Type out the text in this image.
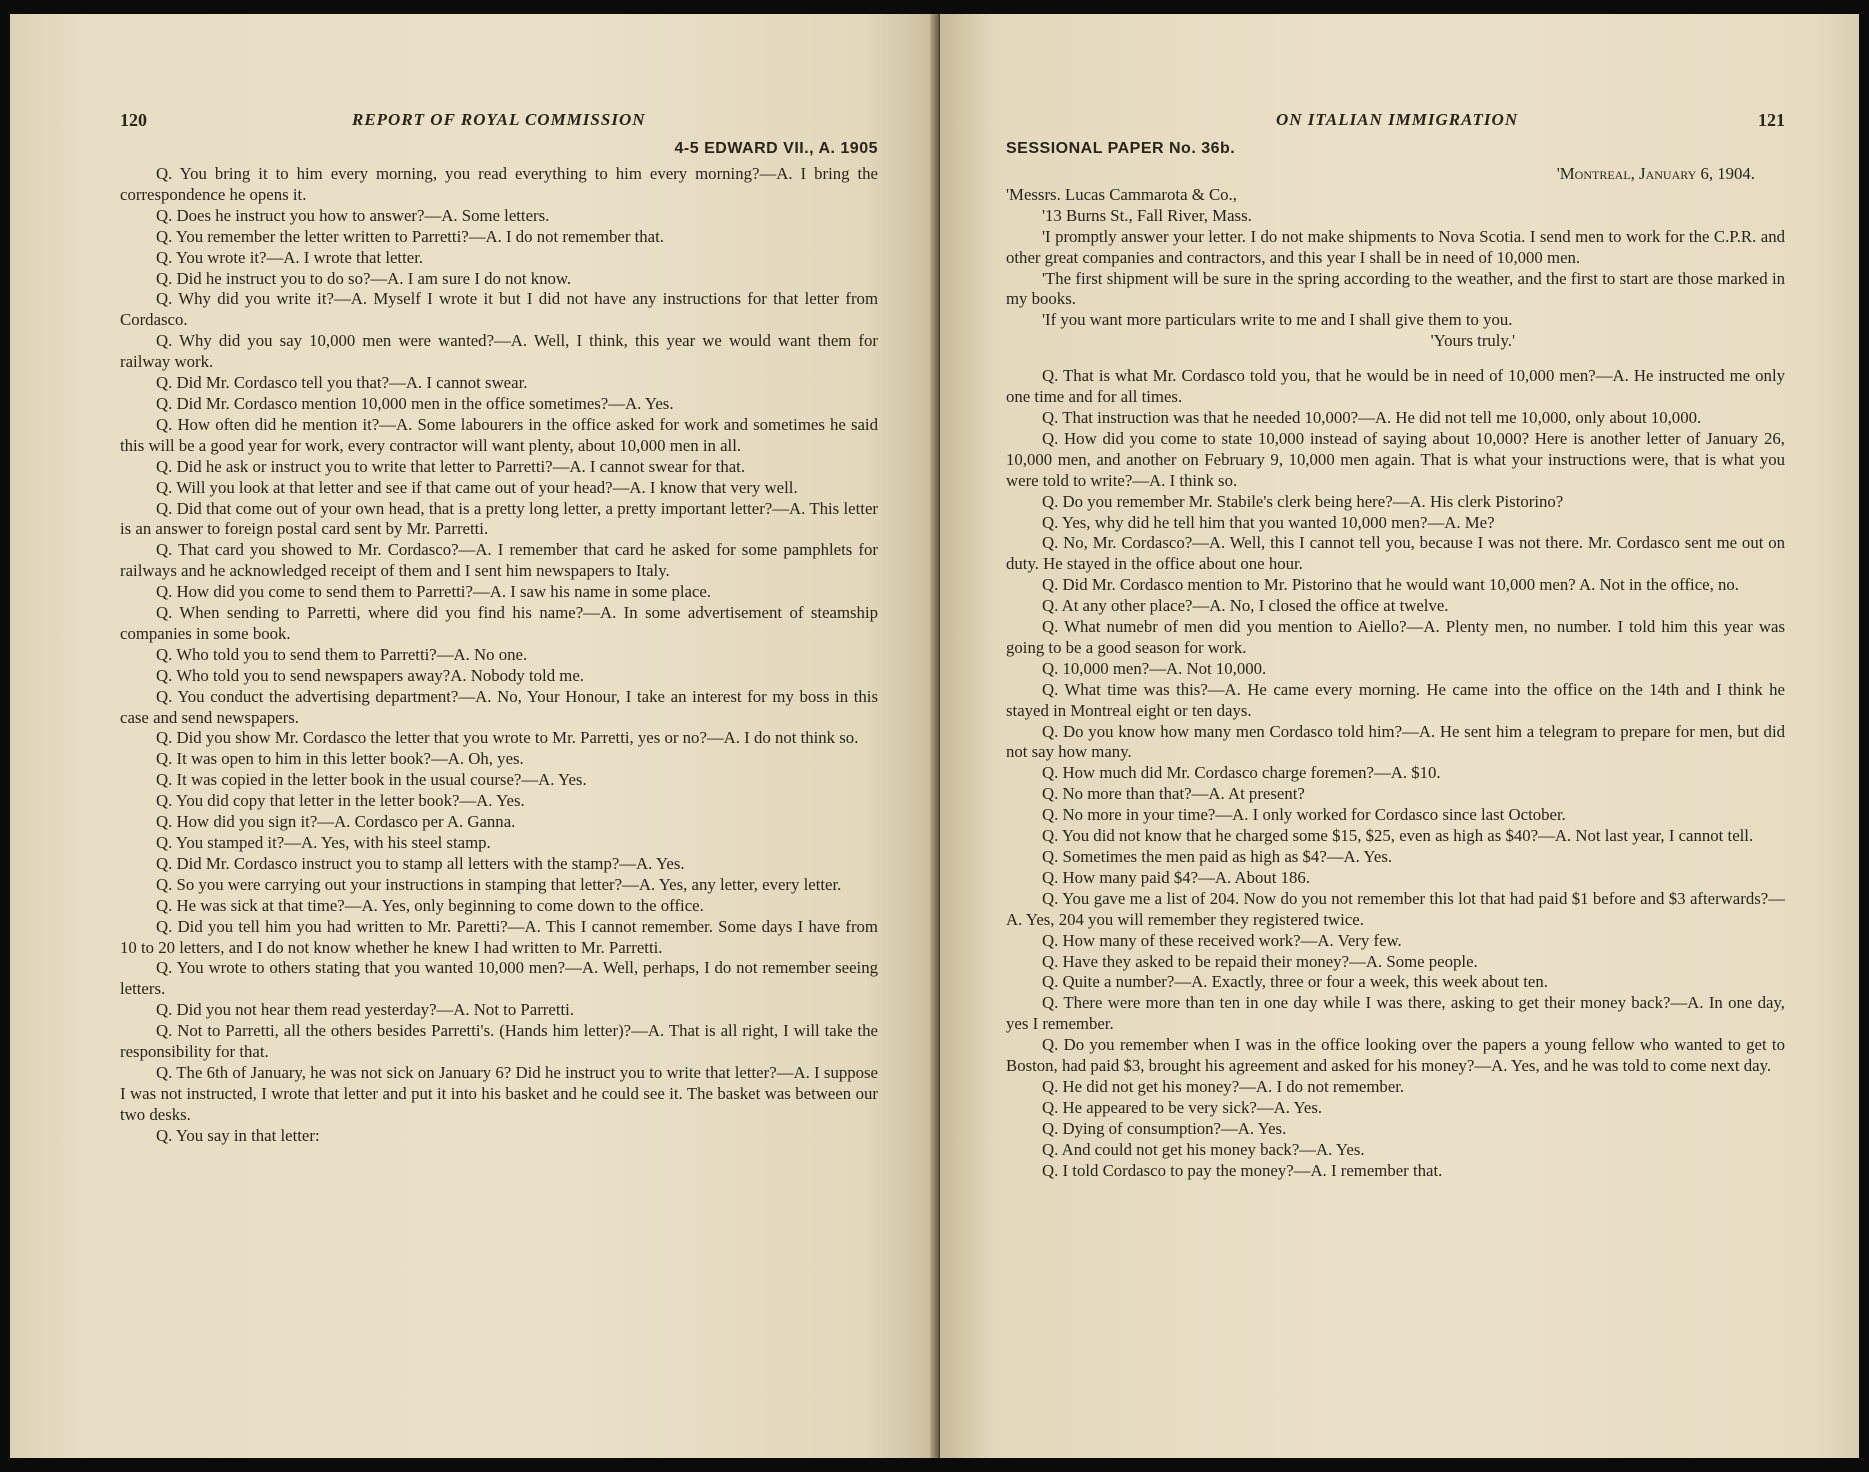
120	REPORT OF ROYAL COMMISSION
4-5 EDWARD VII., A. 1905

Q. You bring it to him every morning, you read everything to him every morning?—A. I bring the correspondence he opens it.

Q. Does he instruct you how to answer?—A. Some letters.

Q. You remember the letter written to Parretti?—A. I do not remember that.

Q. You wrote it?—A. I wrote that letter.

Q. Did he instruct you to do so?—A. I am sure I do not know.

Q. Why did you write it?—A. Myself I wrote it but I did not have any instructions for that letter from Cordasco.

Q. Why did you say 10,000 men were wanted?—A. Well, I think, this year we would want them for railway work.

Q. Did Mr. Cordasco tell you that?—A. I cannot swear.

Q. Did Mr. Cordasco mention 10,000 men in the office sometimes?—A. Yes.

Q. How often did he mention it?—A. Some labourers in the office asked for work and sometimes he said this will be a good year for work, every contractor will want plenty, about 10,000 men in all.

Q. Did he ask or instruct you to write that letter to Parretti?—A. I cannot swear for that.

Q. Will you look at that letter and see if that came out of your head?—A. I know that very well.

Q. Did that come out of your own head, that is a pretty long letter, a pretty important letter?—A. This letter is an answer to foreign postal card sent by Mr. Parretti.

Q. That card you showed to Mr. Cordasco?—A. I remember that card he asked for some pamphlets for railways and he acknowledged receipt of them and I sent him newspapers to Italy.

Q. How did you come to send them to Parretti?—A. I saw his name in some place.

Q. When sending to Parretti, where did you find his name?—A. In some advertisement of steamship companies in some book.

Q. Who told you to send them to Parretti?—A. No one.

Q. Who told you to send newspapers away?A. Nobody told me.

Q. You conduct the advertising department?—A. No, Your Honour, I take an interest for my boss in this case and send newspapers.

Q. Did you show Mr. Cordasco the letter that you wrote to Mr. Parretti, yes or no?—A. I do not think so.

Q. It was open to him in this letter book?—A. Oh, yes.

Q. It was copied in the letter book in the usual course?—A. Yes.

Q. You did copy that letter in the letter book?—A. Yes.

Q. How did you sign it?—A. Cordasco per A. Ganna.

Q. You stamped it?—A. Yes, with his steel stamp.

Q. Did Mr. Cordasco instruct you to stamp all letters with the stamp?—A. Yes.

Q. So you were carrying out your instructions in stamping that letter?—A. Yes, any letter, every letter.

Q. He was sick at that time?—A. Yes, only beginning to come down to the office.

Q. Did you tell him you had written to Mr. Paretti?—A. This I cannot remember. Some days I have from 10 to 20 letters, and I do not know whether he knew I had written to Mr. Parretti.

Q. You wrote to others stating that you wanted 10,000 men?—A. Well, perhaps, I do not remember seeing letters.

Q. Did you not hear them read yesterday?—A. Not to Parretti.

Q. Not to Parretti, all the others besides Parretti's. (Hands him letter)?—A. That is all right, I will take the responsibility for that.

Q. The 6th of January, he was not sick on January 6? Did he instruct you to write that letter?—A. I suppose I was not instructed, I wrote that letter and put it into his basket and he could see it. The basket was between our two desks.

Q. You say in that letter:

ON ITALIAN IMMIGRATION	121
SESSIONAL PAPER No. 36b.

'Montreal, January 6, 1904.

'Messrs. Lucas Cammarota & Co.,

'13 Burns St., Fall River, Mass.

'I promptly answer your letter. I do not make shipments to Nova Scotia. I send men to work for the C.P.R. and other great companies and contractors, and this year I shall be in need of 10,000 men.

'The first shipment will be sure in the spring according to the weather, and the first to start are those marked in my books.

'If you want more particulars write to me and I shall give them to you.

'Yours truly.'

Q. That is what Mr. Cordasco told you, that he would be in need of 10,000 men?—A. He instructed me only one time and for all times.

Q. That instruction was that he needed 10,000?—A. He did not tell me 10,000, only about 10,000.

Q. How did you come to state 10,000 instead of saying about 10,000? Here is another letter of January 26, 10,000 men, and another on February 9, 10,000 men again. That is what your instructions were, that is what you were told to write?—A. I think so.

Q. Do you remember Mr. Stabile's clerk being here?—A. His clerk Pistorino?

Q. Yes, why did he tell him that you wanted 10,000 men?—A. Me?

Q. No, Mr. Cordasco?—A. Well, this I cannot tell you, because I was not there. Mr. Cordasco sent me out on duty. He stayed in the office about one hour.

Q. Did Mr. Cordasco mention to Mr. Pistorino that he would want 10,000 men? A. Not in the office, no.

Q. At any other place?—A. No, I closed the office at twelve.

Q. What numebr of men did you mention to Aiello?—A. Plenty men, no number. I told him this year was going to be a good season for work.

Q. 10,000 men?—A. Not 10,000.

Q. What time was this?—A. He came every morning. He came into the office on the 14th and I think he stayed in Montreal eight or ten days.

Q. Do you know how many men Cordasco told him?—A. He sent him a telegram to prepare for men, but did not say how many.

Q. How much did Mr. Cordasco charge foremen?—A. $10.

Q. No more than that?—A. At present?

Q. No more in your time?—A. I only worked for Cordasco since last October.

Q. You did not know that he charged some $15, $25, even as high as $40?—A. Not last year, I cannot tell.

Q. Sometimes the men paid as high as $4?—A. Yes.

Q. How many paid $4?—A. About 186.

Q. You gave me a list of 204. Now do you not remember this lot that had paid $1 before and $3 afterwards?—A. Yes, 204 you will remember they registered twice.

Q. How many of these received work?—A. Very few.

Q. Have they asked to be repaid their money?—A. Some people.

Q. Quite a number?—A. Exactly, three or four a week, this week about ten.

Q. There were more than ten in one day while I was there, asking to get their money back?—A. In one day, yes I remember.

Q. Do you remember when I was in the office looking over the papers a young fellow who wanted to get to Boston, had paid $3, brought his agreement and asked for his money?—A. Yes, and he was told to come next day.

Q. He did not get his money?—A. I do not remember.

Q. He appeared to be very sick?—A. Yes.

Q. Dying of consumption?—A. Yes.

Q. And could not get his money back?—A. Yes.

Q. I told Cordasco to pay the money?—A. I remember that.
